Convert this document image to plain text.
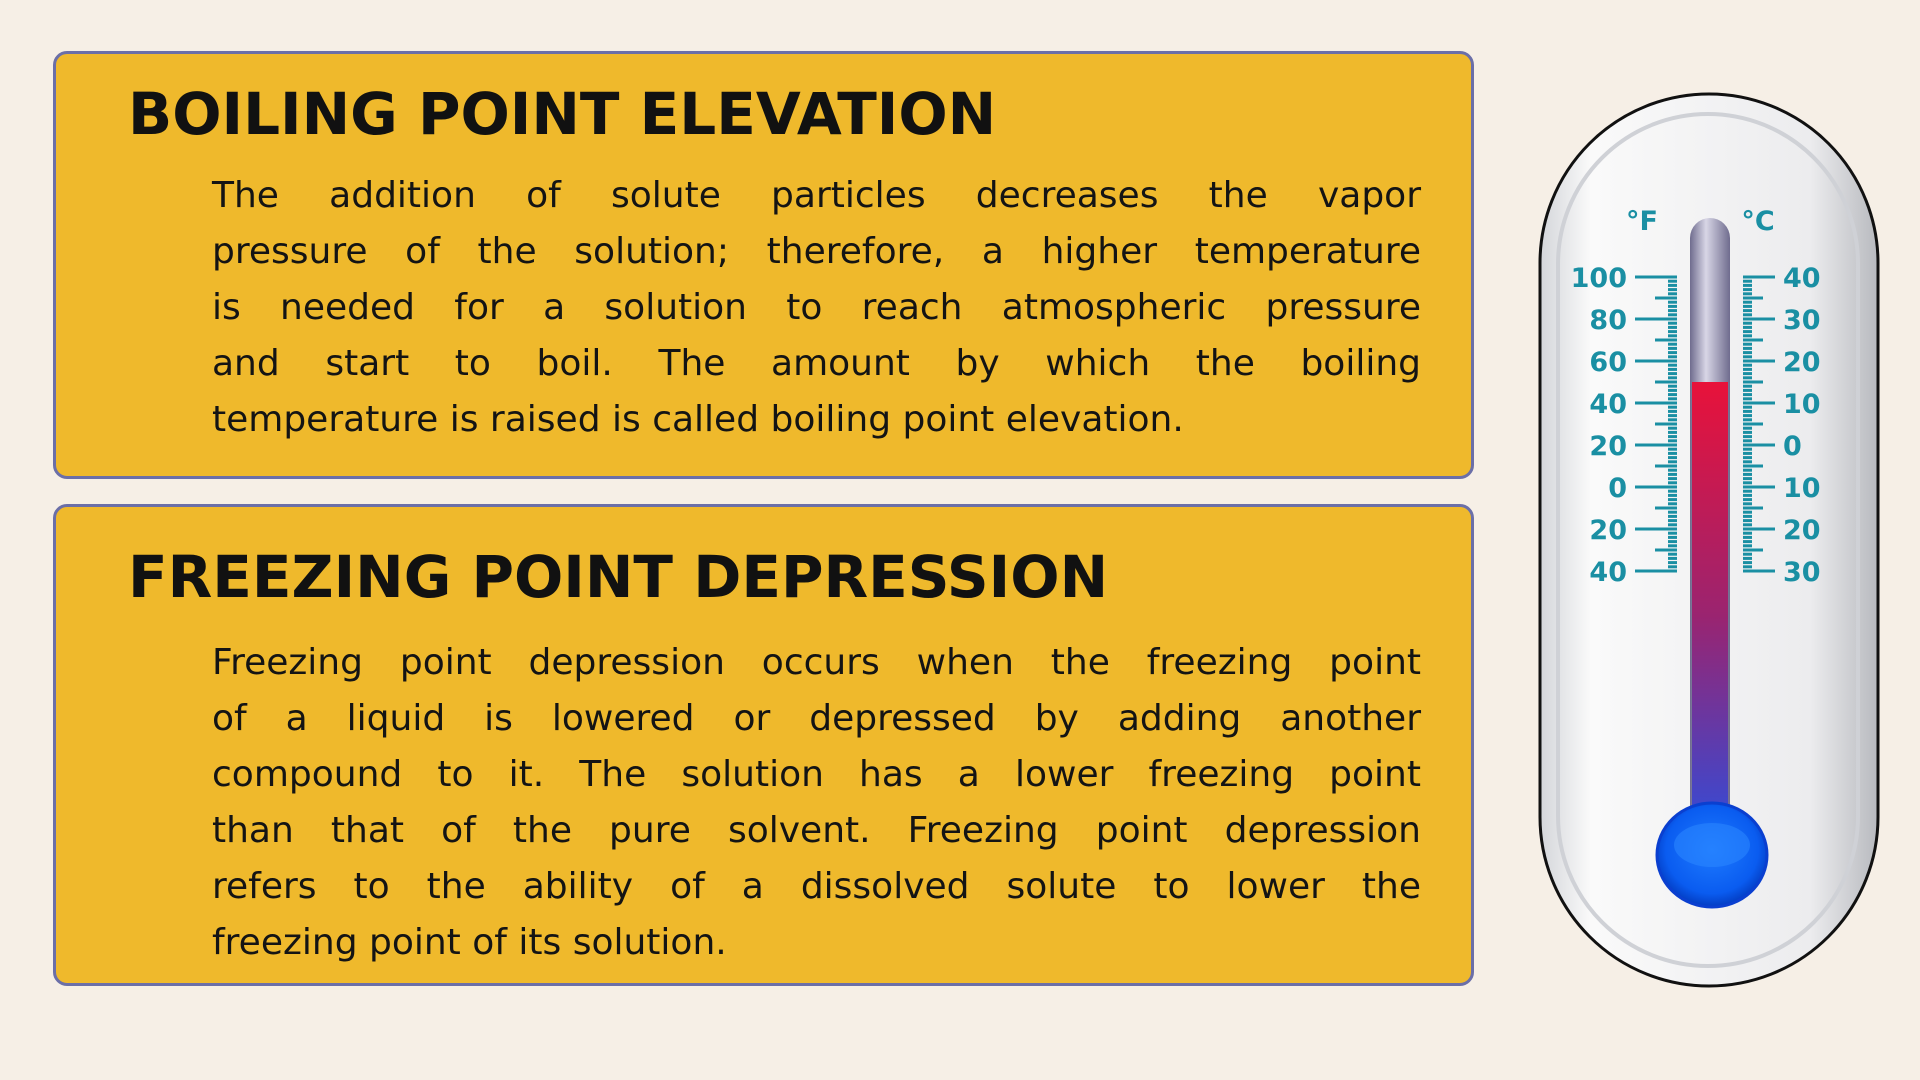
BOILING POINT ELEVATION
The addition of solute particles decreases the vapor
pressure of the solution; therefore, a higher temperature
is needed for a solution to reach atmospheric pressure
and start to boil. The amount by which the boiling
temperature is raised is called boiling point elevation.
FREEZING POINT DEPRESSION
Freezing point depression occurs when the freezing point
of a liquid is lowered or depressed by adding another
compound to it. The solution has a lower freezing point
than that of the pure solvent. Freezing point depression
refers to the ability of a dissolved solute to lower the
freezing point of its solution.
°F	°C
100
80
60
40
20
0
20
40
40
30
20
10
0
10
20
30
